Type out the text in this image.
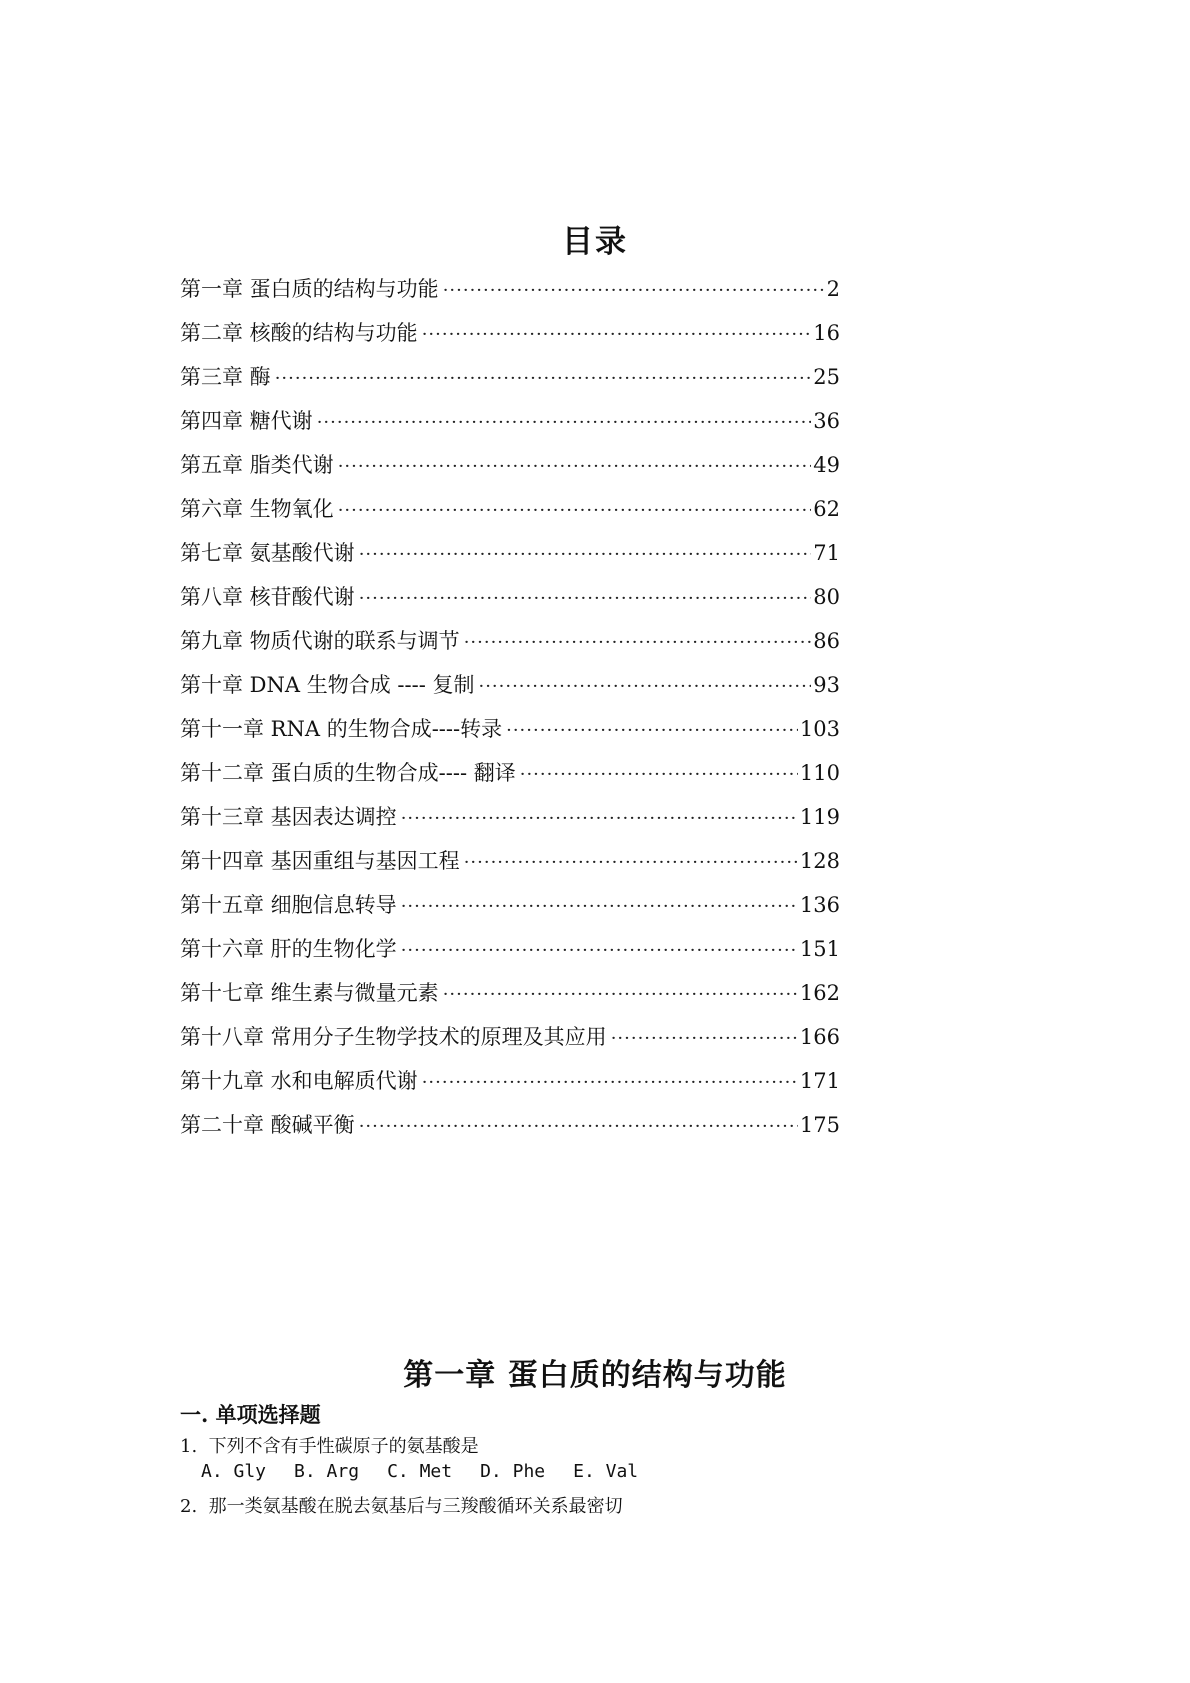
目录
第一章 蛋白质的结构与功能 ·····	2
第二章 核酸的结构与功能 ·····	16
第三章 酶 ·····	25
第四章 糖代谢 ·····	36
第五章 脂类代谢 ·····	49
第六章 生物氧化 ·····	62
第七章 氨基酸代谢 ·····	71
第八章 核苷酸代谢 ·····	80
第九章 物质代谢的联系与调节 ·····	86
第十章 DNA 生物合成 ---- 复制 ·····	93
第十一章 RNA 的生物合成----转录 ·····	103
第十二章 蛋白质的生物合成---- 翻译 ·····	110
第十三章 基因表达调控 ·····	119
第十四章 基因重组与基因工程 ·····	128
第十五章 细胞信息转导 ·····	136
第十六章 肝的生物化学 ·····	151
第十七章 维生素与微量元素 ·····	162
第十八章 常用分子生物学技术的原理及其应用 ·····	166
第十九章 水和电解质代谢 ·····	171
第二十章 酸碱平衡 ·····	175
第一章 蛋白质的结构与功能
一. 单项选择题
1.  下列不含有手性碳原子的氨基酸是
A. Gly B. Arg C. Met D. Phe E. Val
2.  那一类氨基酸在脱去氨基后与三羧酸循环关系最密切
